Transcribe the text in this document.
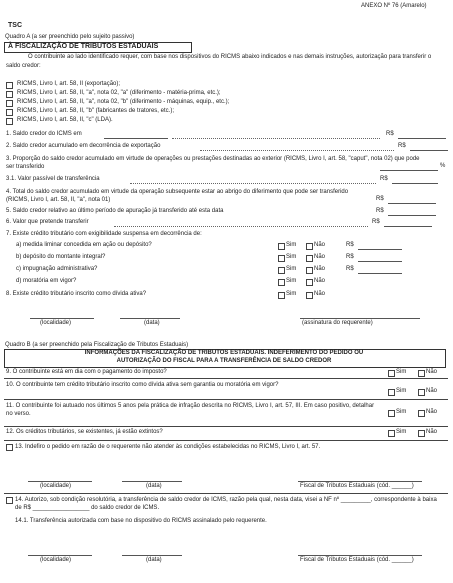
ANEXO Nº 76 (Amarelo)
TSC
Quadro A (a ser preenchido pelo sujeito passivo)
À FISCALIZAÇÃO DE TRIBUTOS ESTADUAIS
O contribuinte ao lado identificado requer, com base nos dispositivos do RICMS abaixo indicados e nas demais instruções, autorização para transferir o saldo credor:
RICMS, Livro I, art. 58, II (exportação);
RICMS, Livro I, art. 58, II, "a", nota 02, "a" (diferimento - matéria-prima, etc.);
RICMS, Livro I, art. 58, II, "a", nota 02, "b" (diferimento - máquinas, equip., etc.);
RICMS, Livro I, art. 58, II, "b" (fabricantes de tratores, etc.);
RICMS, Livro I, art. 58, II, "c" (LDA).
1. Saldo credor do ICMS em	R$
2. Saldo credor acumulado em decorrência de exportação	R$
3. Proporção do saldo credor acumulado em virtude de operações ou prestações destinadas ao exterior (RICMS, Livro I, art. 58, "caput", nota 02) que pode ser transferido	%
3.1. Valor passível de transferência	R$
4. Total do saldo credor acumulado em virtude da operação subsequente estar ao abrigo do diferimento que pode ser transferido (RICMS, Livro I, art. 58, II, "a", nota 01)	R$
5. Saldo credor relativo ao último período de apuração já transferido até esta data	R$
6. Valor que pretende transferir	R$
7. Existe crédito tributário com exigibilidade suspensa em decorrência de:
a) medida liminar concedida em ação ou depósito?	Sim	Não	R$
b) depósito do montante integral?	Sim	Não	R$
c) impugnação administrativa?	Sim	Não	R$
d) moratória em vigor?	Sim	Não
8. Existe crédito tributário inscrito como dívida ativa?	Sim	Não
(localidade)	(data)	(assinatura do requerente)
Quadro B (a ser preenchido pela Fiscalização de Tributos Estaduais)
INFORMAÇÕES DA FISCALIZAÇÃO DE TRIBUTOS ESTADUAIS. INDEFERIMENTO DO PEDIDO OU
AUTORIZAÇÃO DO FISCAL PARA A TRANSFERÊNCIA DE SALDO CREDOR
9. O contribuinte está em dia com o pagamento do imposto?	Sim	Não
10. O contribuinte tem crédito tributário inscrito como dívida ativa sem garantia ou moratória em vigor?
Sim	Não
11. O contribuinte foi autuado nos últimos 5 anos pela prática de infração descrita no RICMS, Livro I, art. 57, III. Em caso positivo, detalhar no verso.	Sim	Não
12. Os créditos tributários, se existentes, já estão extintos?	Sim	Não
13. Indefiro o pedido em razão de o requerente não atender às condições estabelecidas no RICMS, Livro I, art. 57.
(localidade)	(data)	Fiscal de Tributos Estaduais (cód. ______)
14. Autorizo, sob condição resolutória, a transferência de saldo credor de ICMS, razão pela qual, nesta data, visei a NF nº _________, correspondente à baixa de R$ _________________ do saldo credor de ICMS.
14.1. Transferência autorizada com base no dispositivo do RICMS assinalado pelo requerente.
(localidade)	(data)	Fiscal de Tributos Estaduais (cód. ______)
